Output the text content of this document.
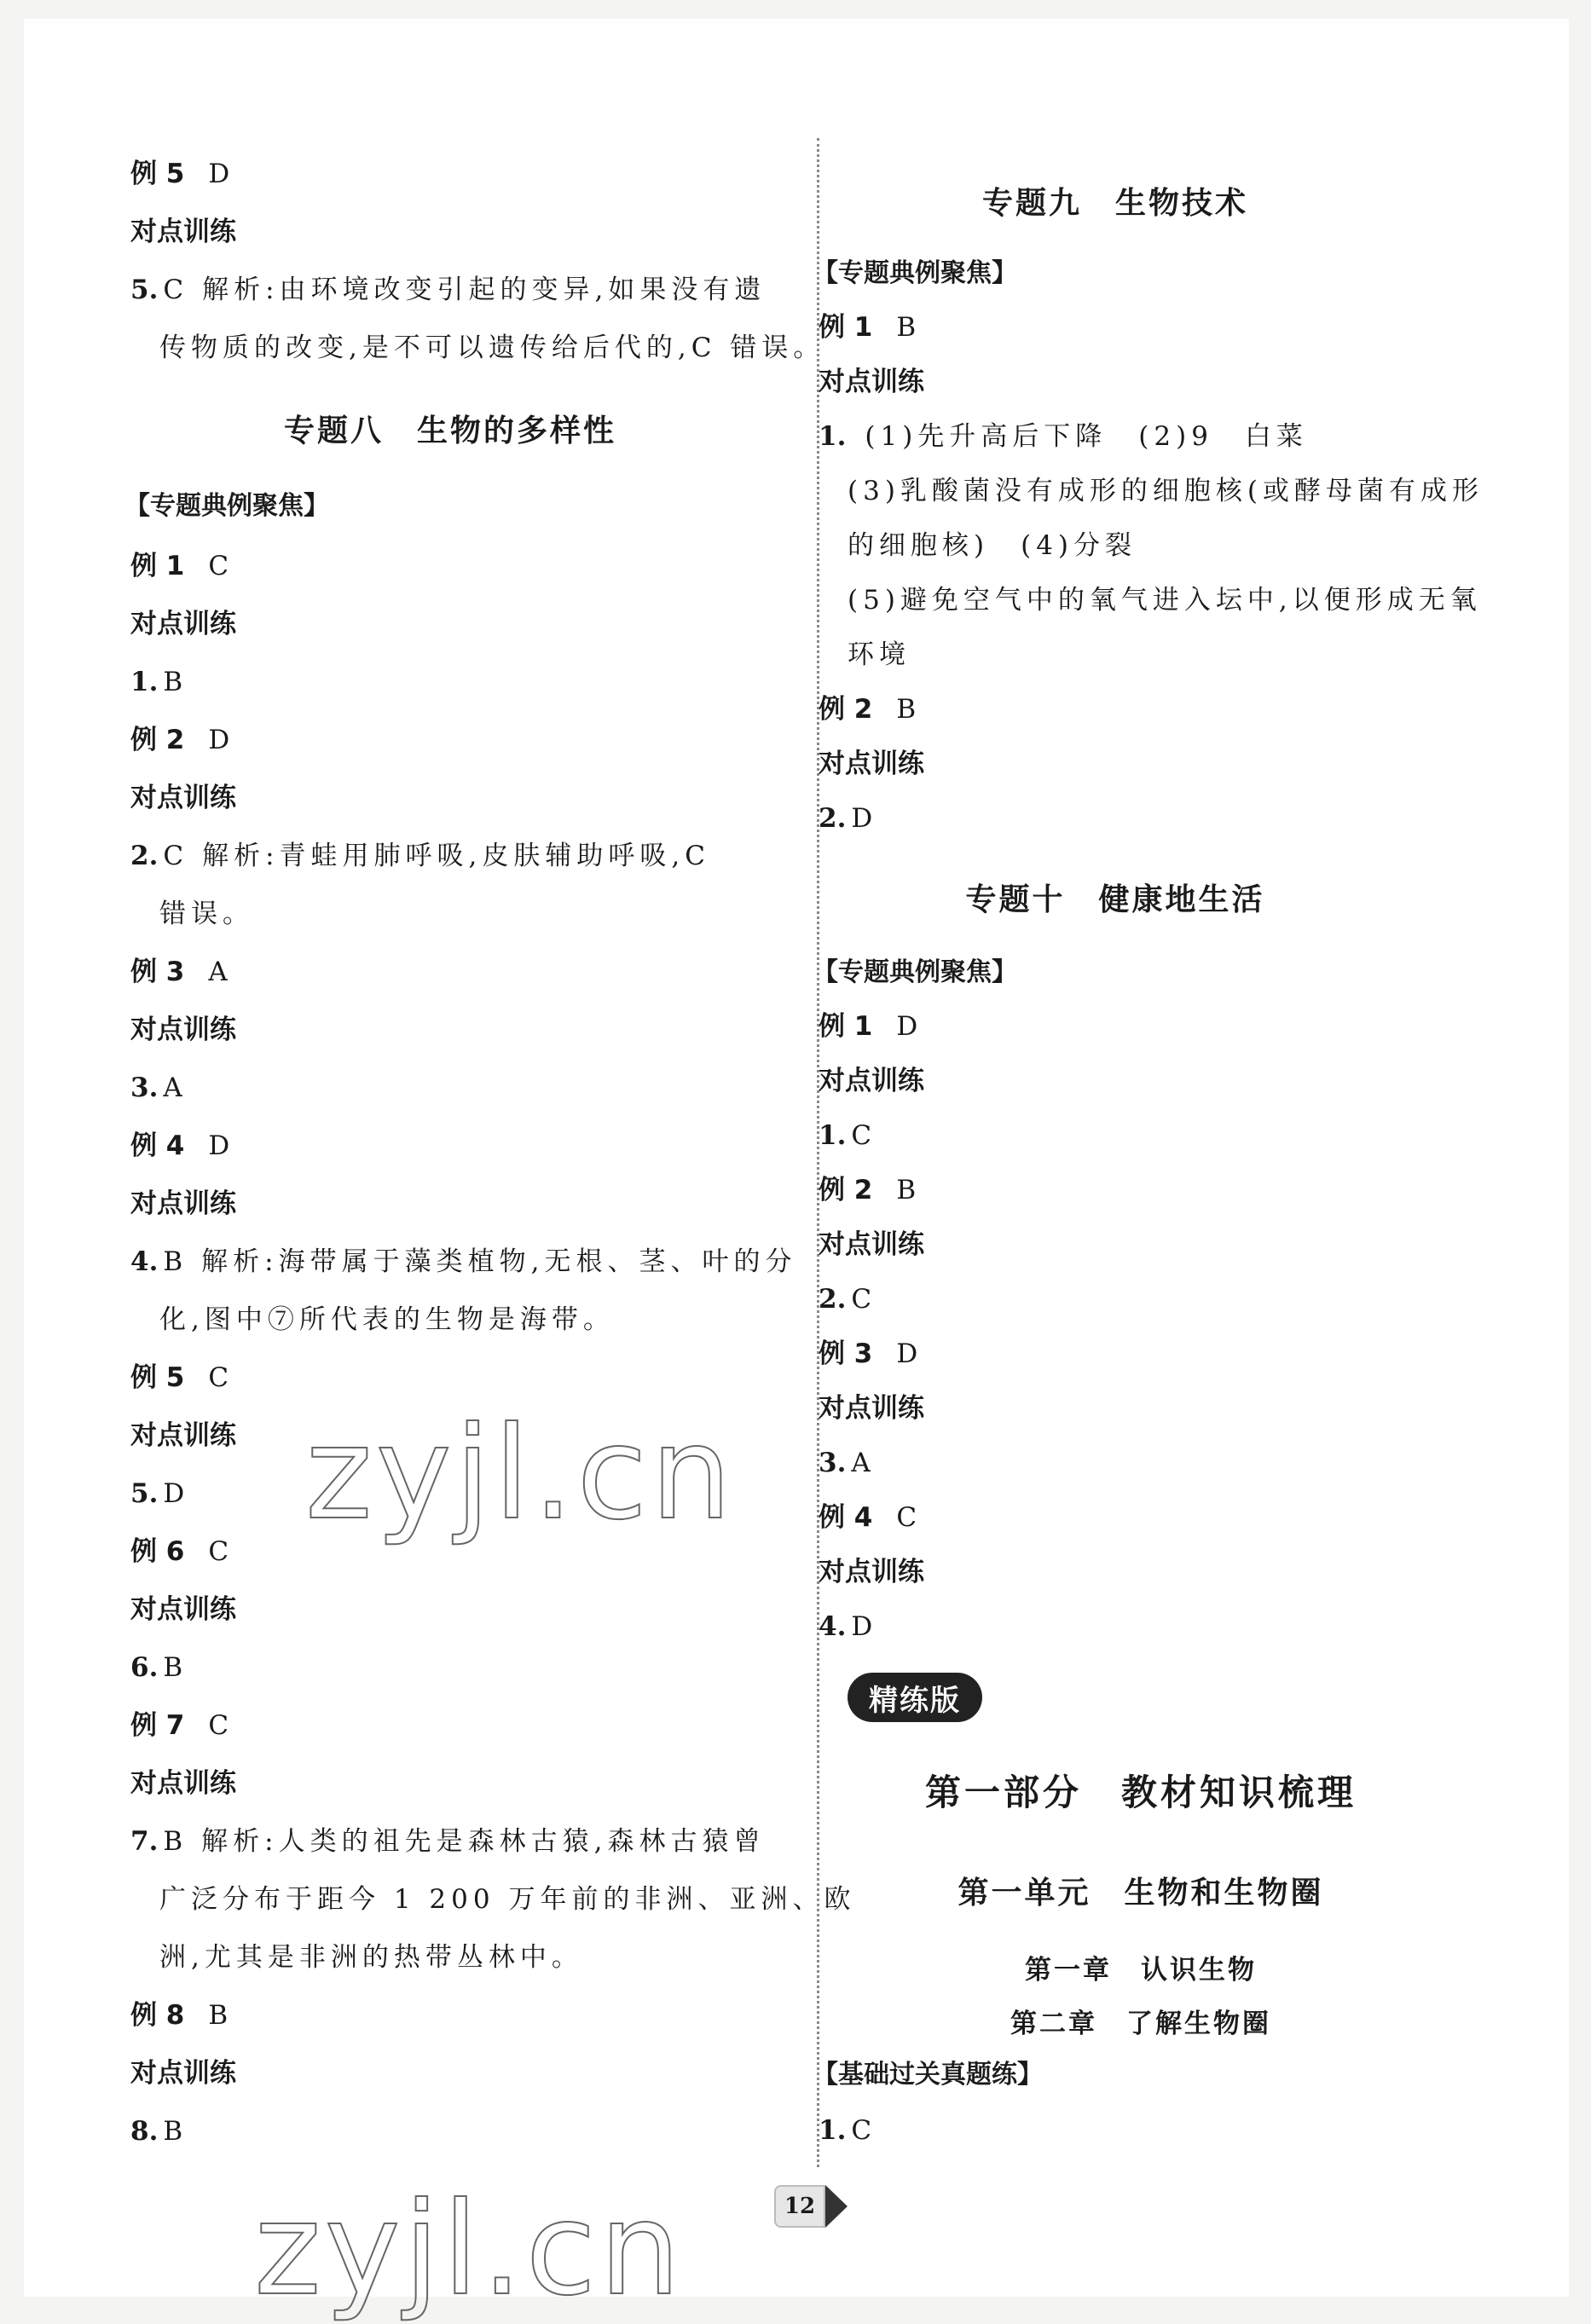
例 5 D
对点训练
5. C 解析:由环境改变引起的变异,如果没有遗
传物质的改变,是不可以遗传给后代的,C 错误。
专题八　生物的多样性
【专题典例聚焦】
例 1 C
对点训练
1. B
例 2 D
对点训练
2. C 解析:青蛙用肺呼吸,皮肤辅助呼吸,C
错误。
例 3 A
对点训练
3. A
例 4 D
对点训练
4. B 解析:海带属于藻类植物,无根、茎、叶的分
化,图中⑦所代表的生物是海带。
例 5 C
对点训练
5. D
例 6 C
对点训练
6. B
例 7 C
对点训练
7. B 解析:人类的祖先是森林古猿,森林古猿曾
广泛分布于距今 1 200 万年前的非洲、亚洲、欧
洲,尤其是非洲的热带丛林中。
例 8 B
对点训练
8. B
专题九　生物技术
【专题典例聚焦】
例 1 B
对点训练
1. (1)先升高后下降　(2)9　白菜
(3)乳酸菌没有成形的细胞核(或酵母菌有成形
的细胞核)　(4)分裂
(5)避免空气中的氧气进入坛中,以便形成无氧
环境
例 2 B
对点训练
2. D
专题十　健康地生活
【专题典例聚焦】
例 1 D
对点训练
1. C
例 2 B
对点训练
2. C
例 3 D
对点训练
3. A
例 4 C
对点训练
4. D
第一部分　教材知识梳理
第一单元　生物和生物圈
第一章　认识生物
第二章　了解生物圈
【基础过关真题练】
1. C
精练版
12
zyjl.cn
zyjl.cn
